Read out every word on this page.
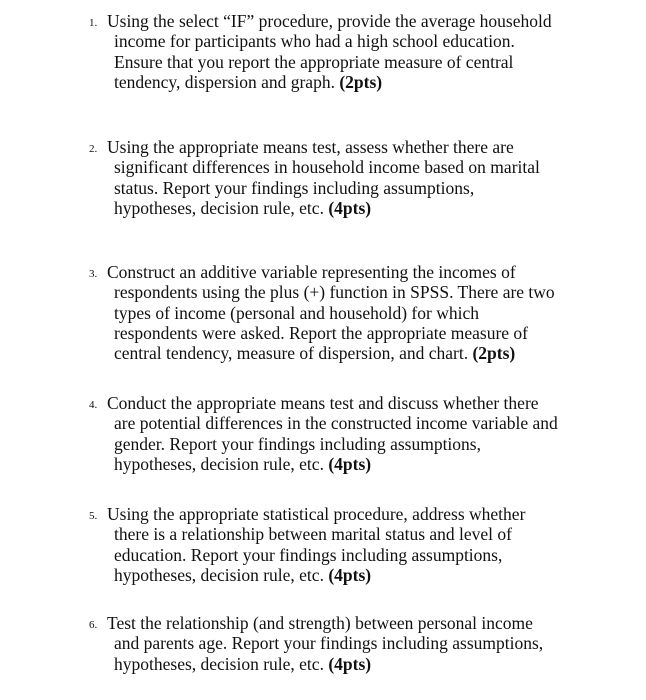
1. Using the select “IF” procedure, provide the average household
income for participants who had a high school education.
Ensure that you report the appropriate measure of central
tendency, dispersion and graph. (2pts)
2. Using the appropriate means test, assess whether there are
significant differences in household income based on marital
status. Report your findings including assumptions,
hypotheses, decision rule, etc. (4pts)
3. Construct an additive variable representing the incomes of
respondents using the plus (+) function in SPSS. There are two
types of income (personal and household) for which
respondents were asked. Report the appropriate measure of
central tendency, measure of dispersion, and chart. (2pts)
4. Conduct the appropriate means test and discuss whether there
are potential differences in the constructed income variable and
gender. Report your findings including assumptions,
hypotheses, decision rule, etc. (4pts)
5. Using the appropriate statistical procedure, address whether
there is a relationship between marital status and level of
education. Report your findings including assumptions,
hypotheses, decision rule, etc. (4pts)
6. Test the relationship (and strength) between personal income
and parents age. Report your findings including assumptions,
hypotheses, decision rule, etc. (4pts)
